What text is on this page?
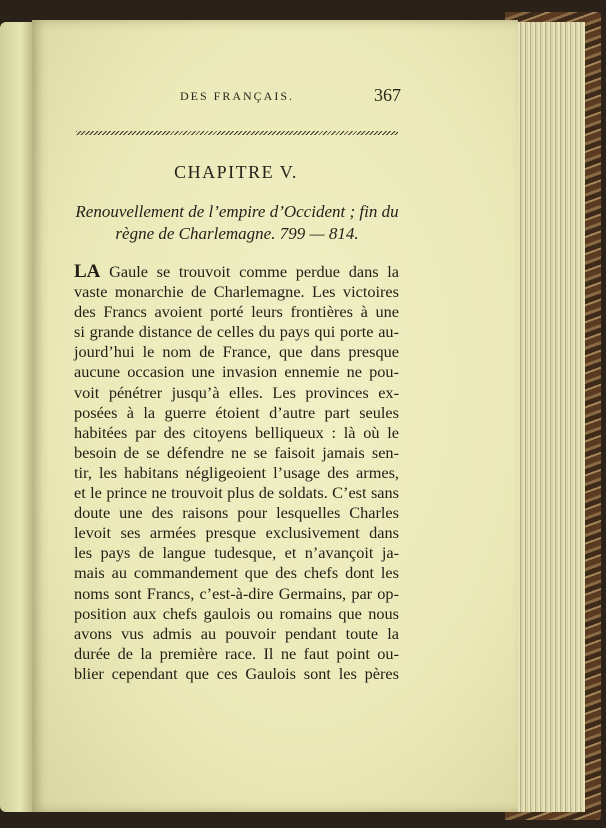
DES FRANÇAIS.	367
CHAPITRE V.
Renouvellement de l’empire d’Occident ; fin du
règne de Charlemagne. 799 — 814.
LA Gaule se trouvoit comme perdue dans la
vaste monarchie de Charlemagne. Les victoires
des Francs avoient porté leurs frontières à une
si grande distance de celles du pays qui porte au-
jourd’hui le nom de France, que dans presque
aucune occasion une invasion ennemie ne pou-
voit pénétrer jusqu’à elles. Les provinces ex-
posées à la guerre étoient d’autre part seules
habitées par des citoyens belliqueux : là où le
besoin de se défendre ne se faisoit jamais sen-
tir, les habitans négligeoient l’usage des armes,
et le prince ne trouvoit plus de soldats. C’est sans
doute une des raisons pour lesquelles Charles
levoit ses armées presque exclusivement dans
les pays de langue tudesque, et n’avançoit ja-
mais au commandement que des chefs dont les
noms sont Francs, c’est-à-dire Germains, par op-
position aux chefs gaulois ou romains que nous
avons vus admis au pouvoir pendant toute la
durée de la première race. Il ne faut point ou-
blier cependant que ces Gaulois sont les pères
